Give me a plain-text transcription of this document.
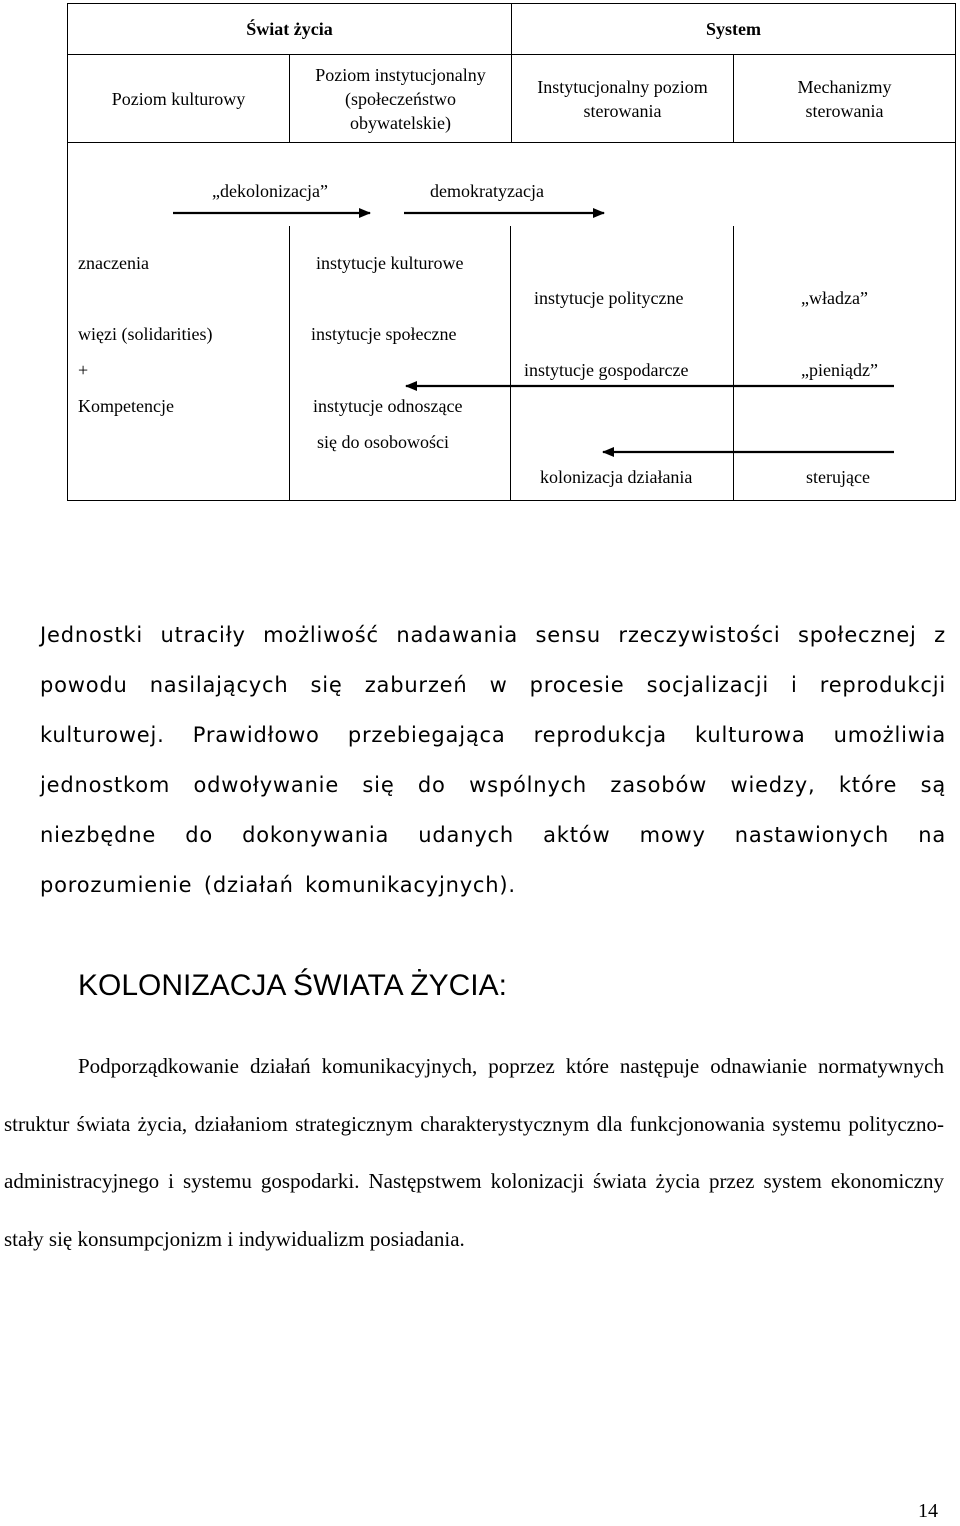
Świat życia	System
Poziom kulturowy
Poziom instytucjonalny (społeczeństwo obywatelskie)
Instytucjonalny poziom sterowania
Mechanizmy sterowania
„dekolonizacja”	demokratyzacja
znaczenia
więzi (solidarities)
+
Kompetencje
instytucje kulturowe
instytucje społeczne
instytucje odnoszące
się do osobowości
instytucje polityczne
instytucje gospodarcze
kolonizacja działania
„władza”
„pieniądz”
sterujące

Jednostki utraciły możliwość nadawania sensu rzeczywistości społecznej z powodu nasilających się zaburzeń w procesie socjalizacji i reprodukcji kulturowej. Prawidłowo przebiegająca reprodukcja kulturowa umożliwia jednostkom odwoływanie się do wspólnych zasobów wiedzy, które są niezbędne do dokonywania udanych aktów mowy nastawionych na porozumienie (działań komunikacyjnych).

KOLONIZACJA ŚWIATA ŻYCIA:

Podporządkowanie działań komunikacyjnych, poprzez które następuje odnawianie normatywnych struktur świata życia, działaniom strategicznym charakterystycznym dla funkcjonowania systemu polityczno-administracyjnego i systemu gospodarki. Następstwem kolonizacji świata życia przez system ekonomiczny stały się konsumpcjonizm i indywidualizm posiadania.

14
